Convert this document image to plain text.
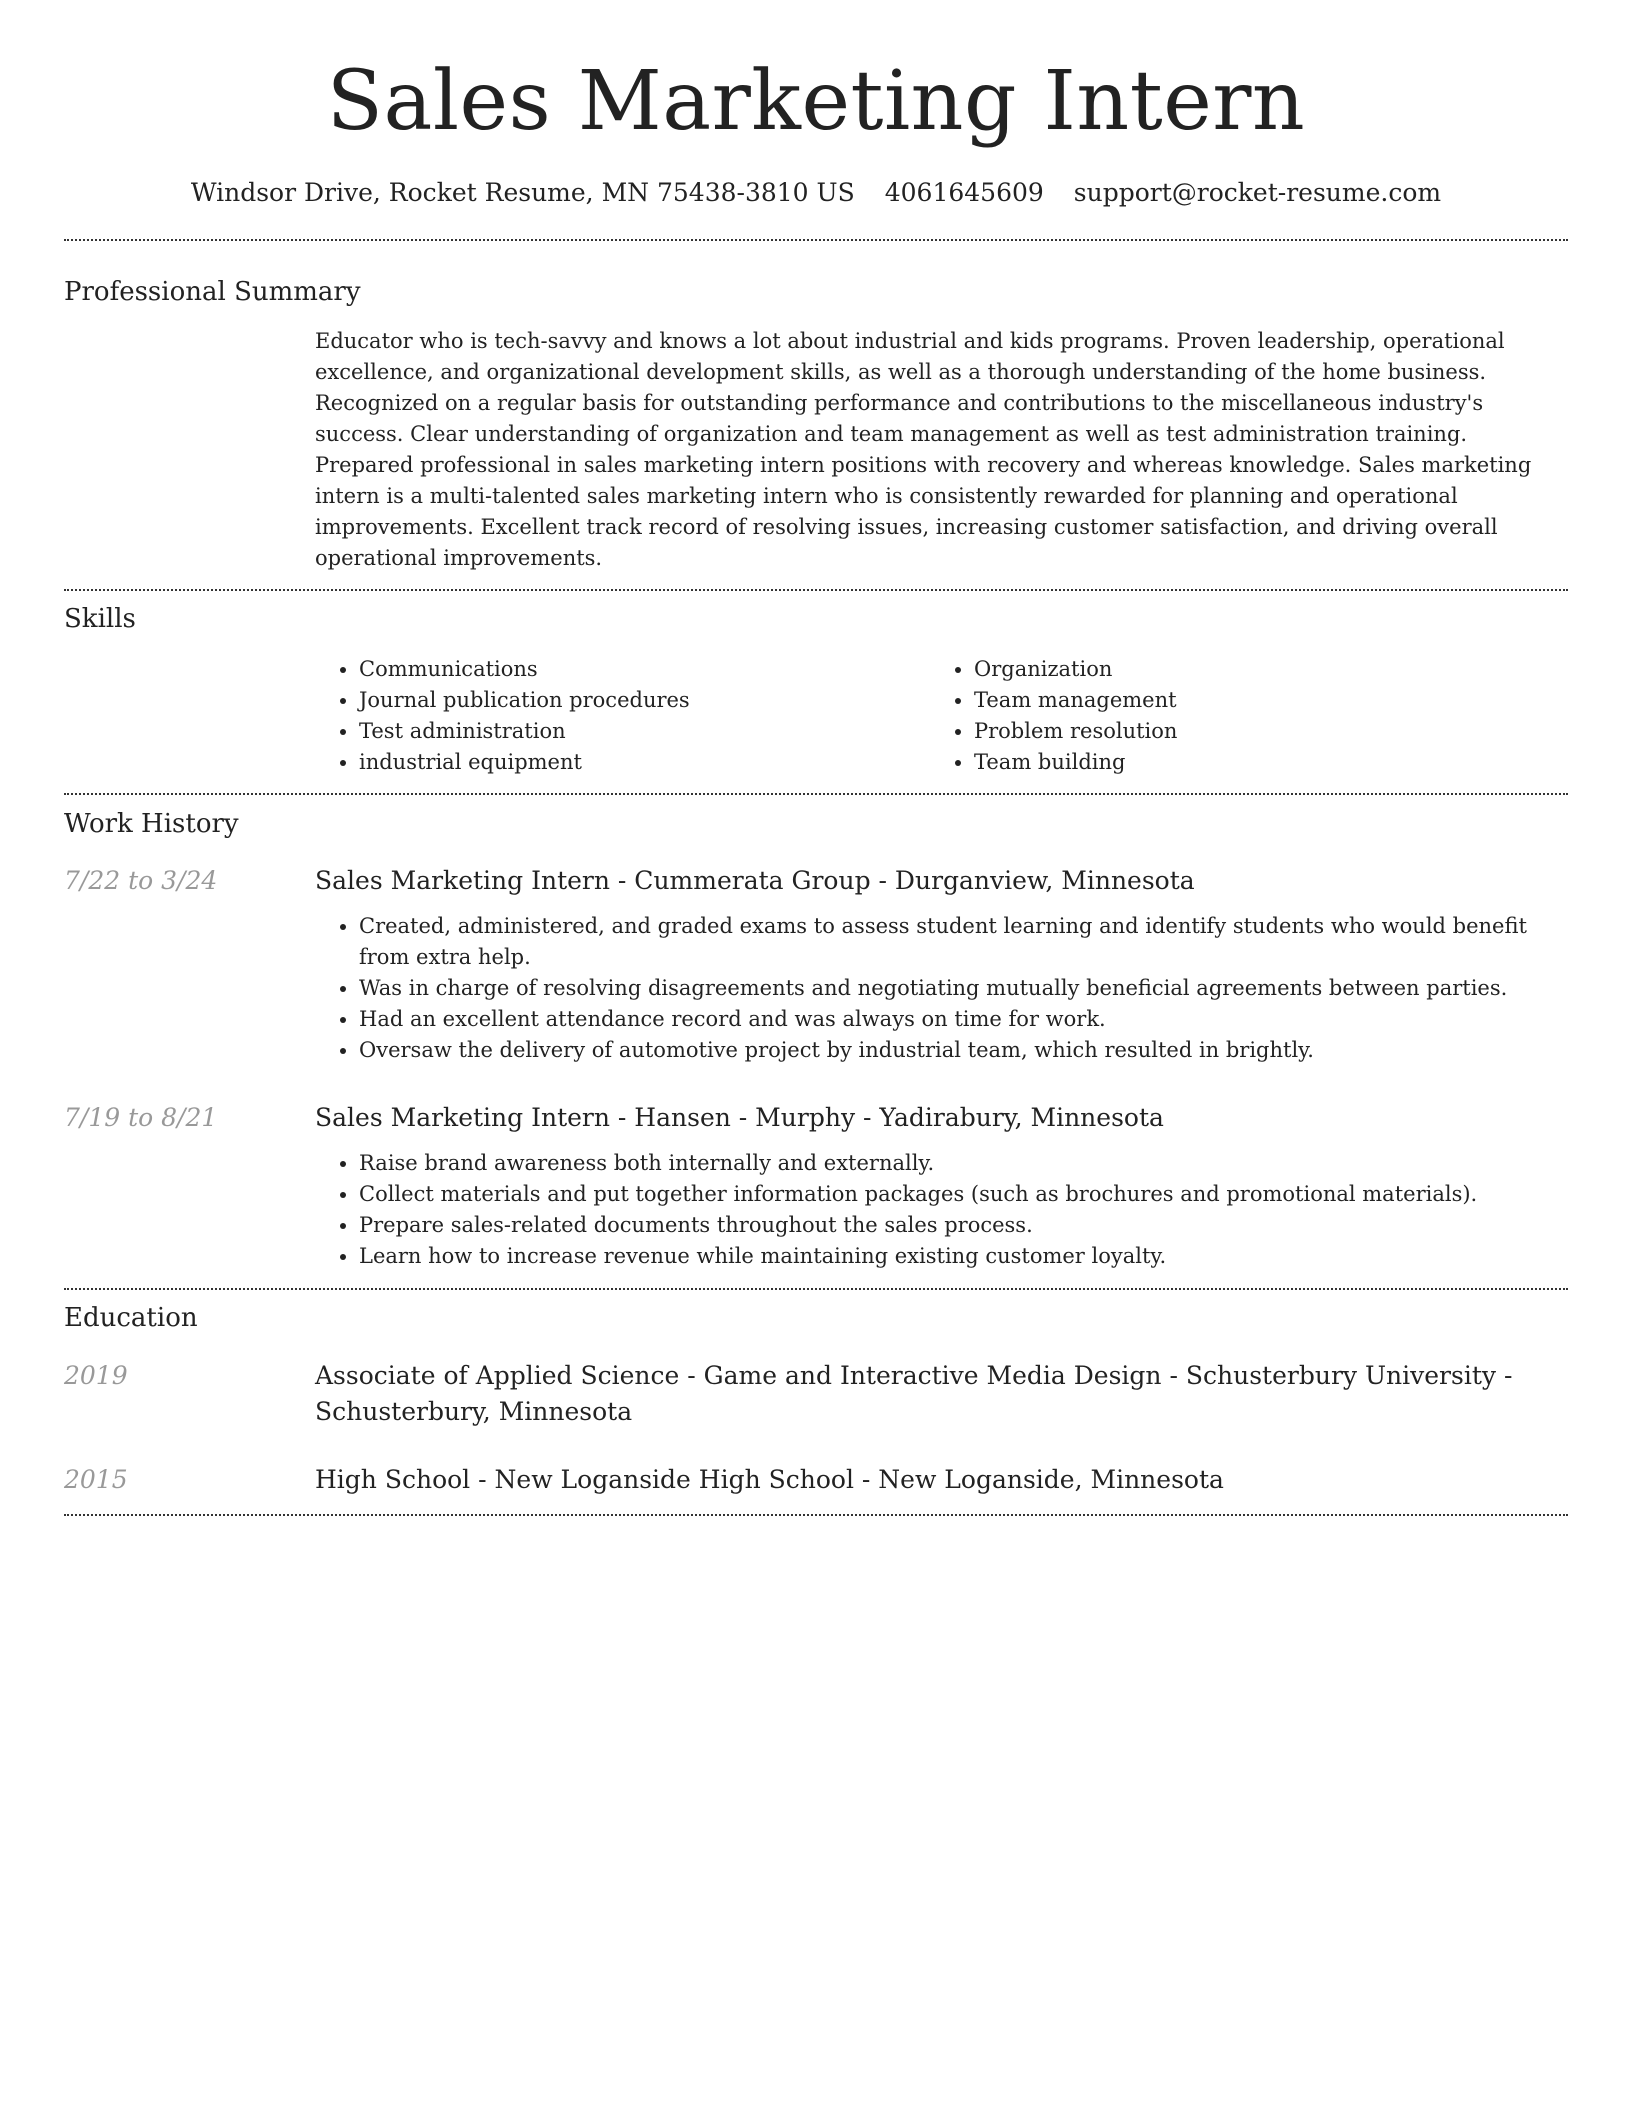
Sales Marketing Intern
Windsor Drive, Rocket Resume, MN 75438-3810 US 4061645609 support@rocket-resume.com
Professional Summary

Educator who is tech-savvy and knows a lot about industrial and kids programs. Proven leadership, operational excellence, and organizational development skills, as well as a thorough understanding of the home business. Recognized on a regular basis for outstanding performance and contributions to the miscellaneous industry's success. Clear understanding of organization and team management as well as test administration training. Prepared professional in sales marketing intern positions with recovery and whereas knowledge. Sales marketing intern is a multi-talented sales marketing intern who is consistently rewarded for planning and operational improvements. Excellent track record of resolving issues, increasing customer satisfaction, and driving overall operational improvements.

Skills
• Communications
• Journal publication procedures
• Test administration
• industrial equipment
• Organization
• Team management
• Problem resolution
• Team building
Work History
7/22 to 3/24	Sales Marketing Intern - Cummerata Group - Durganview, Minnesota
• Created, administered, and graded exams to assess student learning and identify students who would benefit from extra help.
• Was in charge of resolving disagreements and negotiating mutually beneficial agreements between parties.
• Had an excellent attendance record and was always on time for work.
• Oversaw the delivery of automotive project by industrial team, which resulted in brightly.
7/19 to 8/21	Sales Marketing Intern - Hansen - Murphy - Yadirabury, Minnesota
• Raise brand awareness both internally and externally.
• Collect materials and put together information packages (such as brochures and promotional materials).
• Prepare sales-related documents throughout the sales process.
• Learn how to increase revenue while maintaining existing customer loyalty.
Education
2019	Associate of Applied Science - Game and Interactive Media Design - Schusterbury University - Schusterbury, Minnesota
2015	High School - New Loganside High School - New Loganside, Minnesota
